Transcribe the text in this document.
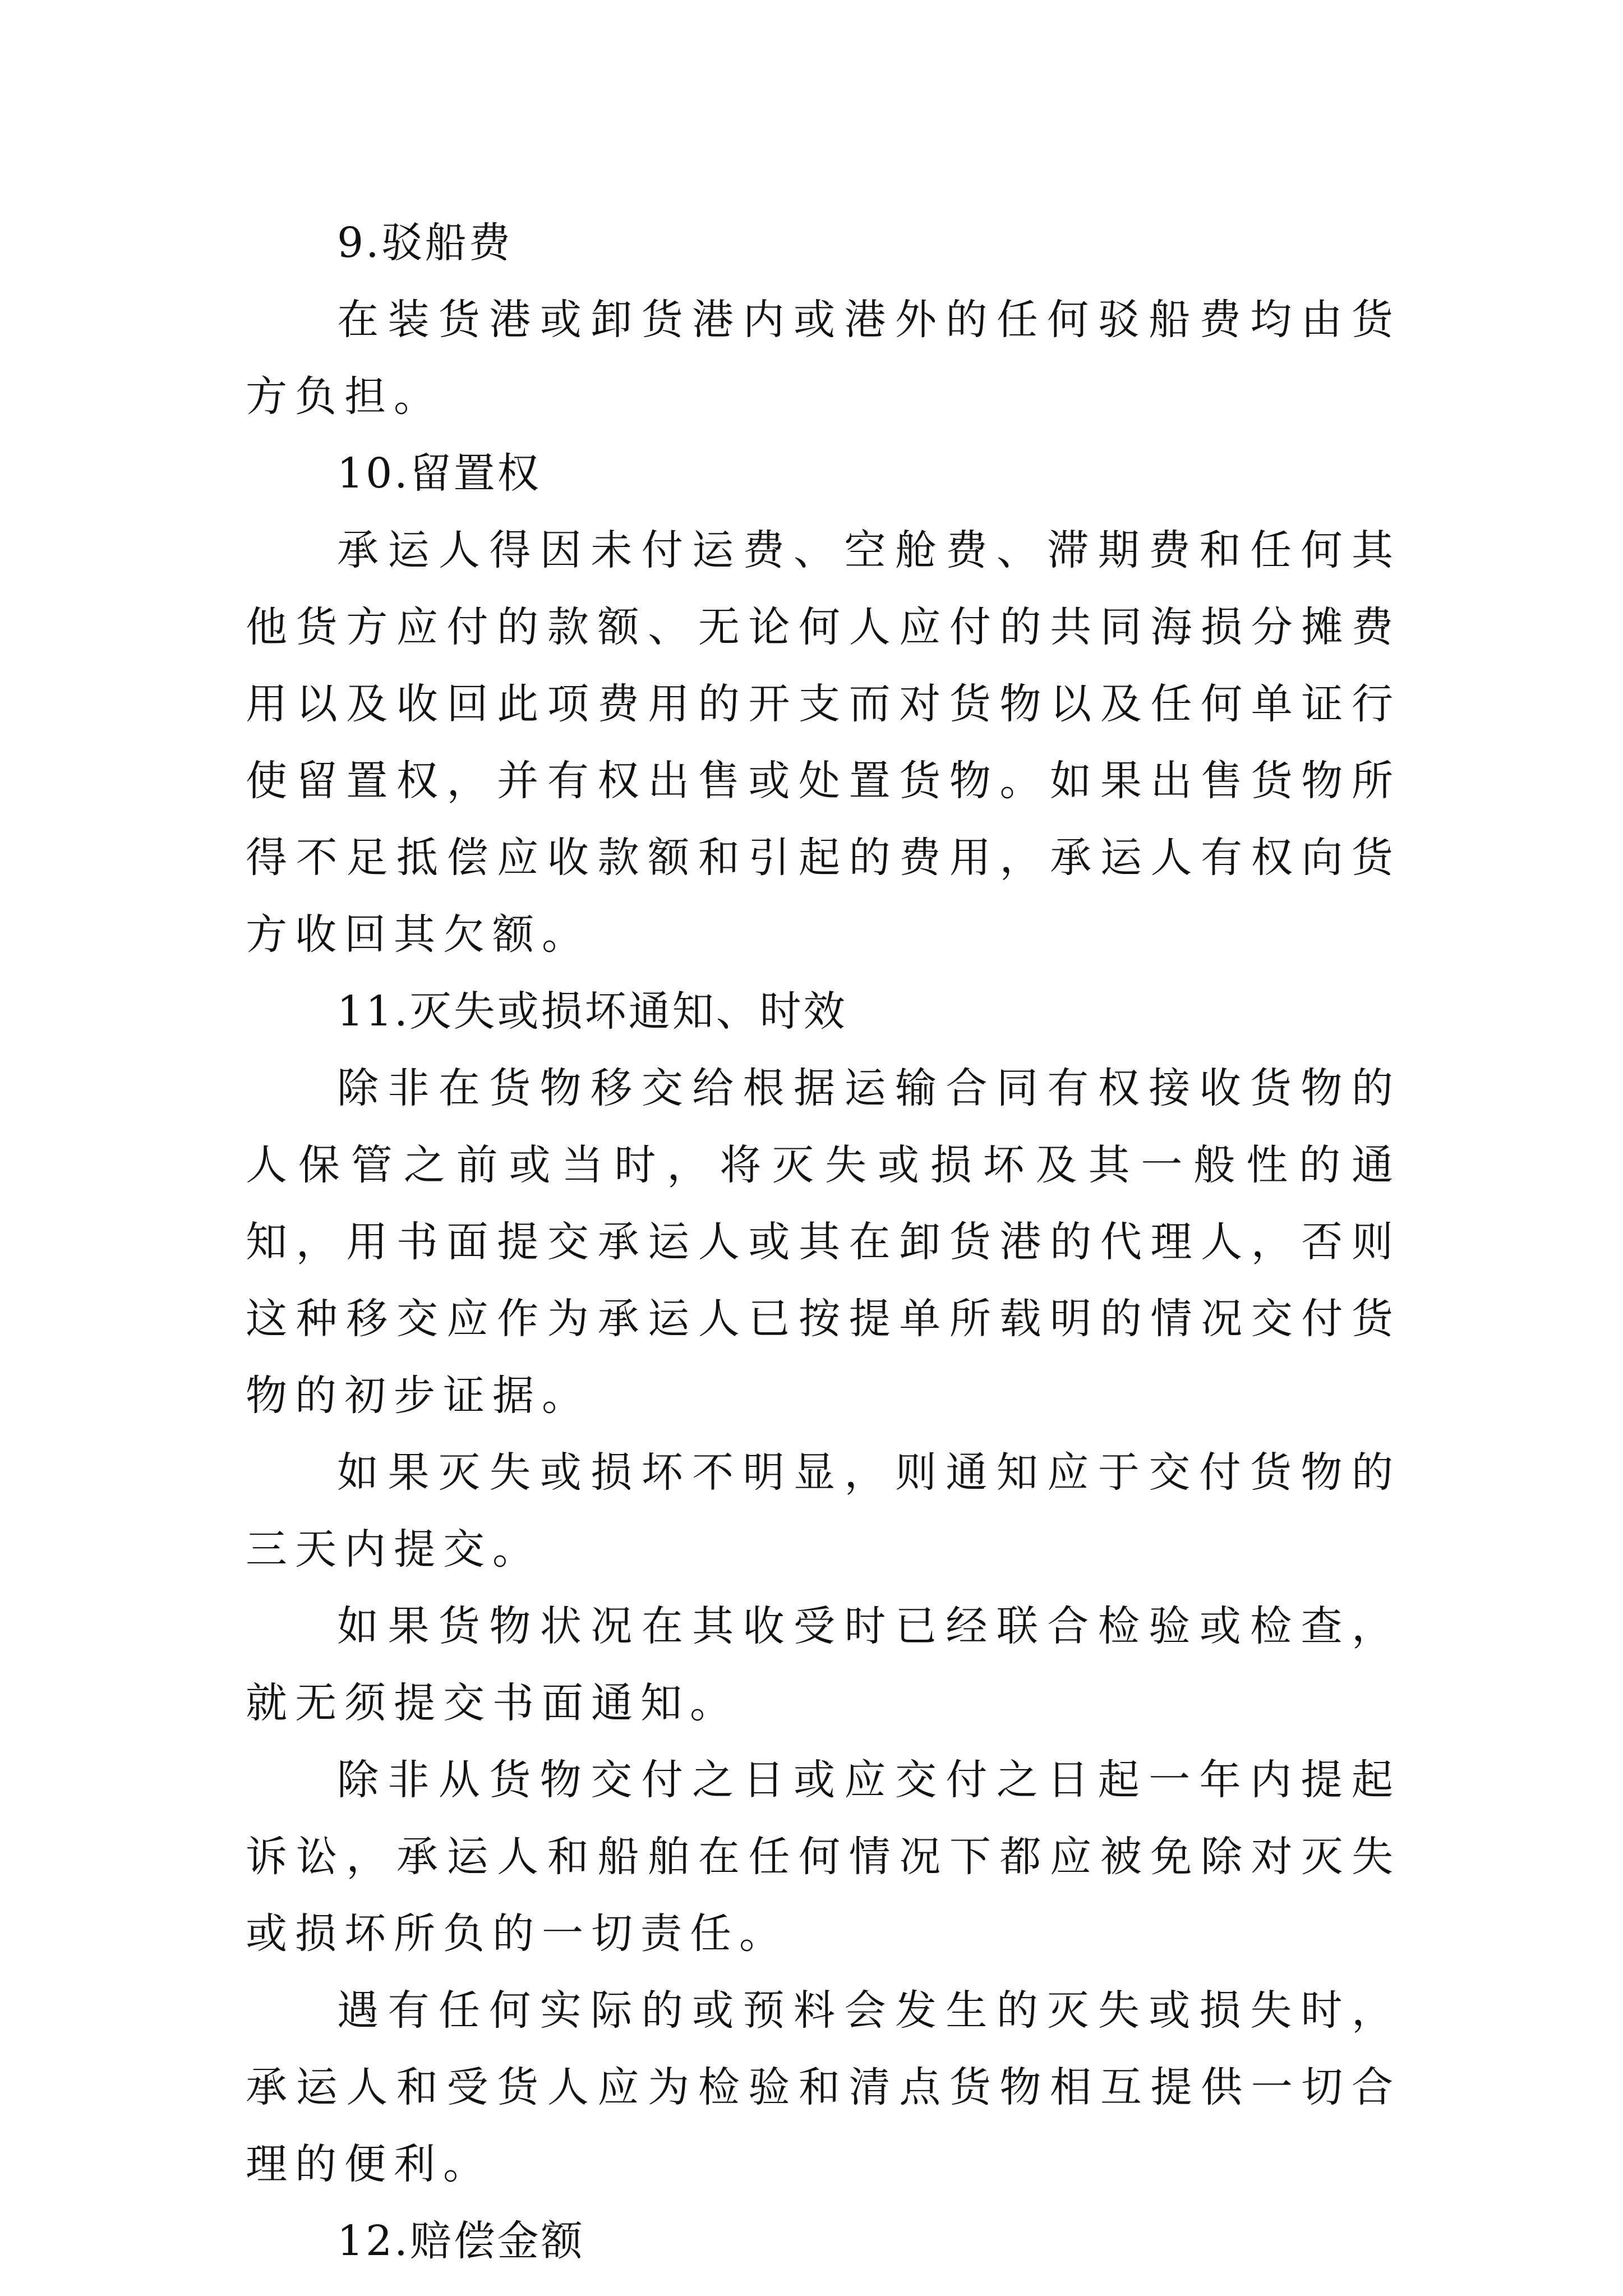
9.驳船费

在装货港或卸货港内或港外的任何驳船费均由货方负担。

10.留置权

承运人得因未付运费、空舱费、滞期费和任何其他货方应付的款额、无论何人应付的共同海损分摊费用以及收回此项费用的开支而对货物以及任何单证行使留置权，并有权出售或处置货物。如果出售货物所得不足抵偿应收款额和引起的费用，承运人有权向货方收回其欠额。

11.灭失或损坏通知、时效

除非在货物移交给根据运输合同有权接收货物的人保管之前或当时，将灭失或损坏及其一般性的通知，用书面提交承运人或其在卸货港的代理人，否则这种移交应作为承运人已按提单所载明的情况交付货物的初步证据。

如果灭失或损坏不明显，则通知应于交付货物的三天内提交。

如果货物状况在其收受时已经联合检验或检查，就无须提交书面通知。

除非从货物交付之日或应交付之日起一年内提起诉讼，承运人和船舶在任何情况下都应被免除对灭失或损坏所负的一切责任。

遇有任何实际的或预料会发生的灭失或损失时，承运人和受货人应为检验和清点货物相互提供一切合理的便利。

12.赔偿金额
